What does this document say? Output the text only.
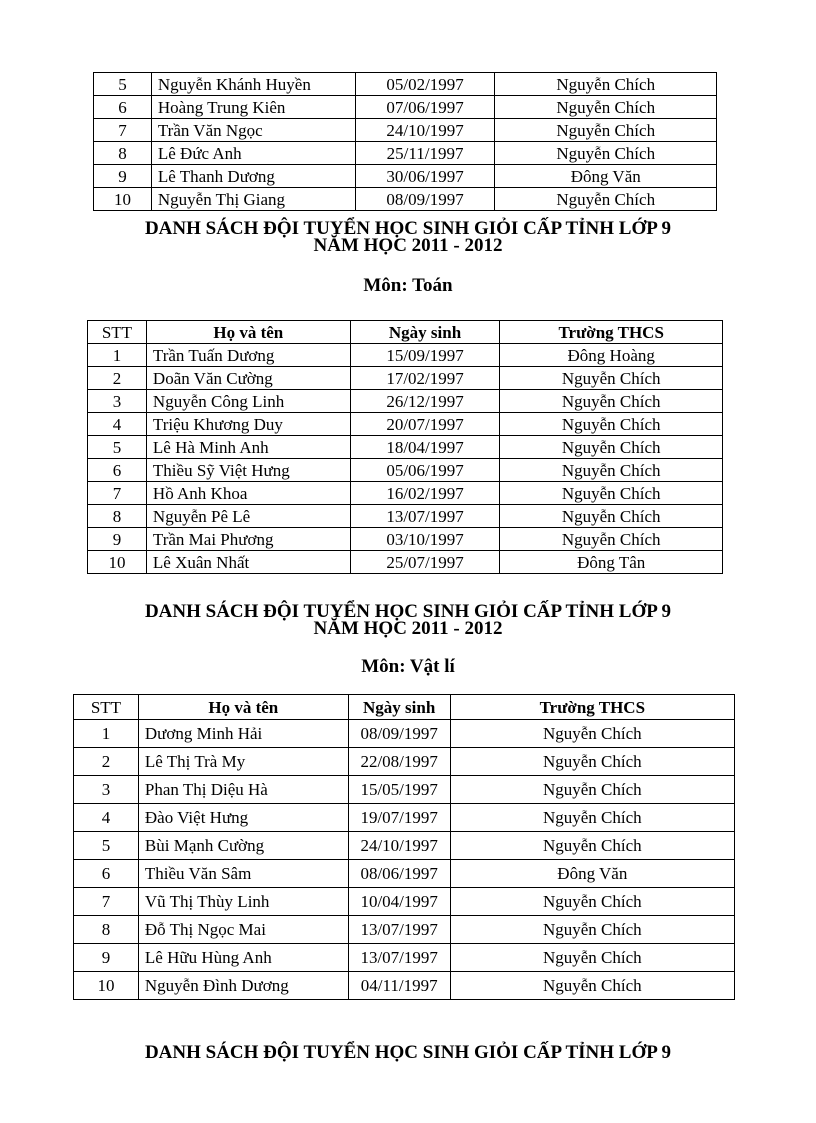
5	Nguyễn Khánh Huyền	05/02/1997	Nguyễn Chích
6	Hoàng Trung Kiên	07/06/1997	Nguyễn Chích
7	Trần Văn Ngọc	24/10/1997	Nguyễn Chích
8	Lê Đức Anh	25/11/1997	Nguyễn Chích
9	Lê Thanh Dương	30/06/1997	Đông Văn
10	Nguyễn Thị Giang	08/09/1997	Nguyễn Chích
DANH SÁCH ĐỘI TUYỂN HỌC SINH GIỎI CẤP TỈNH LỚP 9
NĂM HỌC 2011 - 2012
Môn: Toán
STT	Họ và tên	Ngày sinh	Trường THCS
1	Trần Tuấn Dương	15/09/1997	Đông Hoàng
2	Doãn Văn Cường	17/02/1997	Nguyễn Chích
3	Nguyễn Công Linh	26/12/1997	Nguyễn Chích
4	Triệu Khương Duy	20/07/1997	Nguyễn Chích
5	Lê Hà Minh Anh	18/04/1997	Nguyễn Chích
6	Thiều Sỹ Việt Hưng	05/06/1997	Nguyễn Chích
7	Hồ Anh Khoa	16/02/1997	Nguyễn Chích
8	Nguyễn Pê Lê	13/07/1997	Nguyễn Chích
9	Trần Mai Phương	03/10/1997	Nguyễn Chích
10	Lê Xuân Nhất	25/07/1997	Đông Tân
DANH SÁCH ĐỘI TUYỂN HỌC SINH GIỎI CẤP TỈNH LỚP 9
NĂM HỌC 2011 - 2012
Môn: Vật lí
STT	Họ và tên	Ngày sinh	Trường THCS
1	Dương Minh Hải	08/09/1997	Nguyễn Chích
2	Lê Thị Trà My	22/08/1997	Nguyễn Chích
3	Phan Thị Diệu Hà	15/05/1997	Nguyễn Chích
4	Đào Việt Hưng	19/07/1997	Nguyễn Chích
5	Bùi Mạnh Cường	24/10/1997	Nguyễn Chích
6	Thiều Văn Sâm	08/06/1997	Đông Văn
7	Vũ Thị Thùy Linh	10/04/1997	Nguyễn Chích
8	Đỗ Thị Ngọc Mai	13/07/1997	Nguyễn Chích
9	Lê Hữu Hùng Anh	13/07/1997	Nguyễn Chích
10	Nguyễn Đình Dương	04/11/1997	Nguyễn Chích
DANH SÁCH ĐỘI TUYỂN HỌC SINH GIỎI CẤP TỈNH LỚP 9
